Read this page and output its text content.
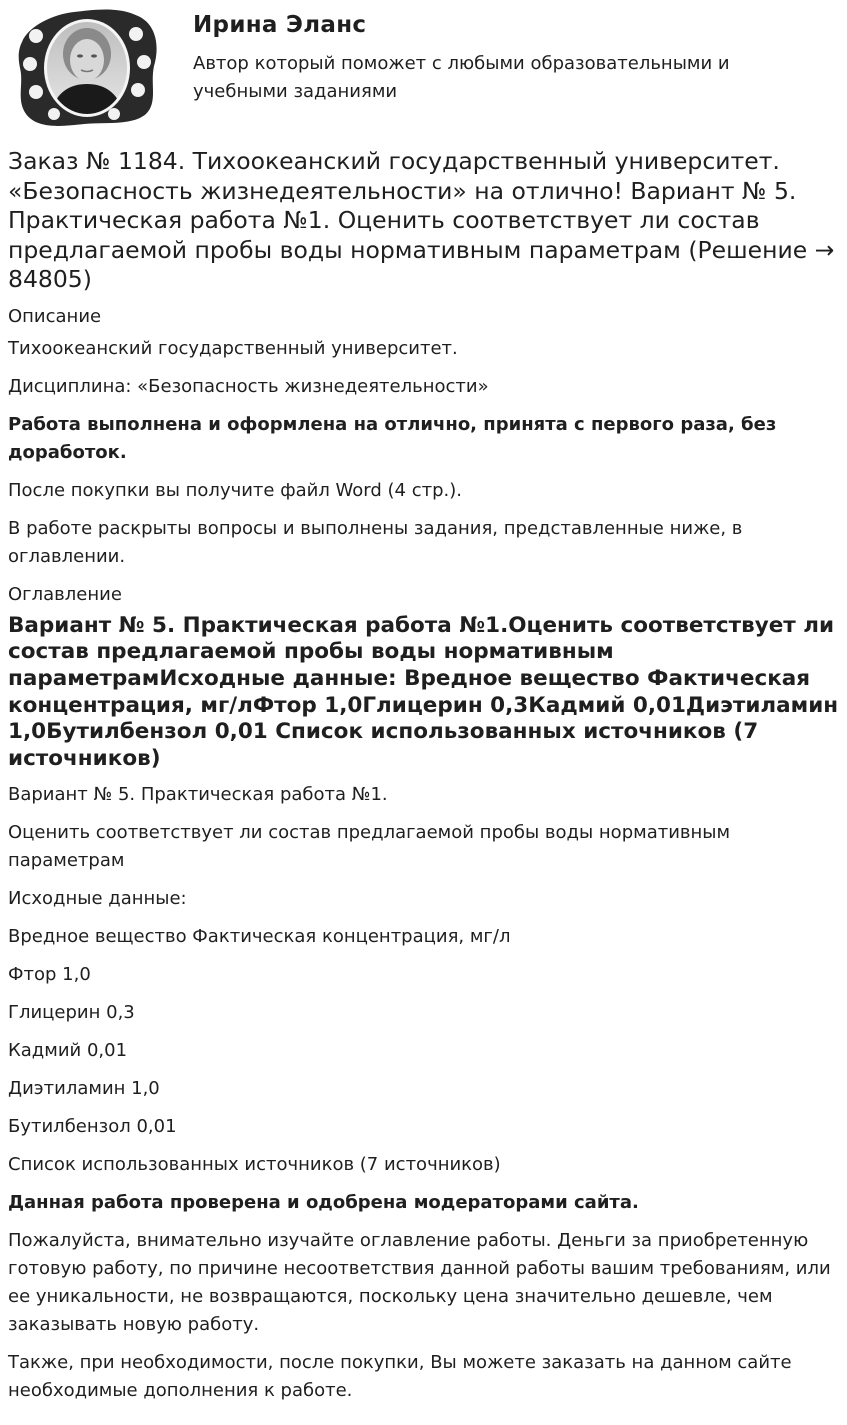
Ирина Эланс

Автор который поможет с любыми образовательными и учебными заданиями

Заказ № 1184. Тихоокеанский государственный университет. «Безопасность жизнедеятельности» на отлично! Вариант № 5. Практическая работа №1. Оценить соответствует ли состав предлагаемой пробы воды нормативным параметрам (Решение → 84805)
Описание

Тихоокеанский государственный университет.

Дисциплина: «Безопасность жизнедеятельности»

Работа выполнена и оформлена на отлично, принята с первого раза, без доработок.

После покупки вы получите файл Word (4 стр.).

В работе раскрыты вопросы и выполнены задания, представленные ниже, в оглавлении.

Оглавление
Вариант № 5. Практическая работа №1.Оценить соответствует ли состав предлагаемой пробы воды нормативным параметрамИсходные данные: Вредное вещество Фактическая концентрация, мг/лФтор 1,0Глицерин 0,3Кадмий 0,01Диэтиламин 1,0Бутилбензол 0,01 Список использованных источников (7 источников)

Вариант № 5. Практическая работа №1.

Оценить соответствует ли состав предлагаемой пробы воды нормативным параметрам

Исходные данные:

Вредное вещество Фактическая концентрация, мг/л

Фтор 1,0

Глицерин 0,3

Кадмий 0,01

Диэтиламин 1,0

Бутилбензол 0,01

Список использованных источников (7 источников)

Данная работа проверена и одобрена модераторами сайта.

Пожалуйста, внимательно изучайте оглавление работы. Деньги за приобретенную готовую работу, по причине несоответствия данной работы вашим требованиям, или ее уникальности, не возвращаются, поскольку цена значительно дешевле, чем заказывать новую работу.

Также, при необходимости, после покупки, Вы можете заказать на данном сайте необходимые дополнения к работе.
